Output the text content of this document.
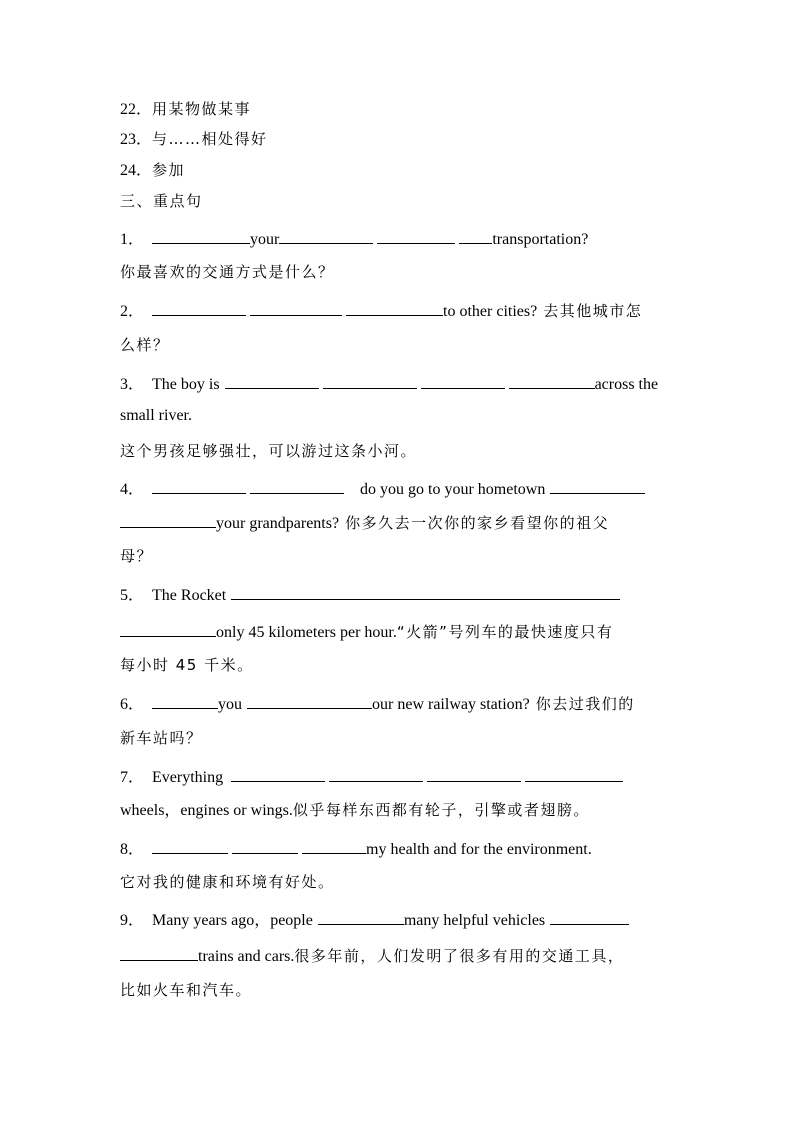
22．用某物做某事
23．与……相处得好
24．参加
三、重点句
1．	your	transportation?
你最喜欢的交通方式是什么？
2．	to other cities? 去其他城市怎
么样？
3． The boy is	across the
small river.
这个男孩足够强壮，可以游过这条小河。
4．	do you go to your hometown
your grandparents? 你多久去一次你的家乡看望你的祖父
母？
5． The Rocket
only 45 kilometers per hour.“火箭”号列车的最快速度只有
每小时 45 千米。
6．	you	our new railway station? 你去过我们的
新车站吗？
7． Everything
wheels，engines or wings.似乎每样东西都有轮子，引擎或者翅膀。
8．	my health and for the environment.
它对我的健康和环境有好处。
9． Many years ago，people	many helpful vehicles
trains and cars.很多年前，人们发明了很多有用的交通工具，
比如火车和汽车。
